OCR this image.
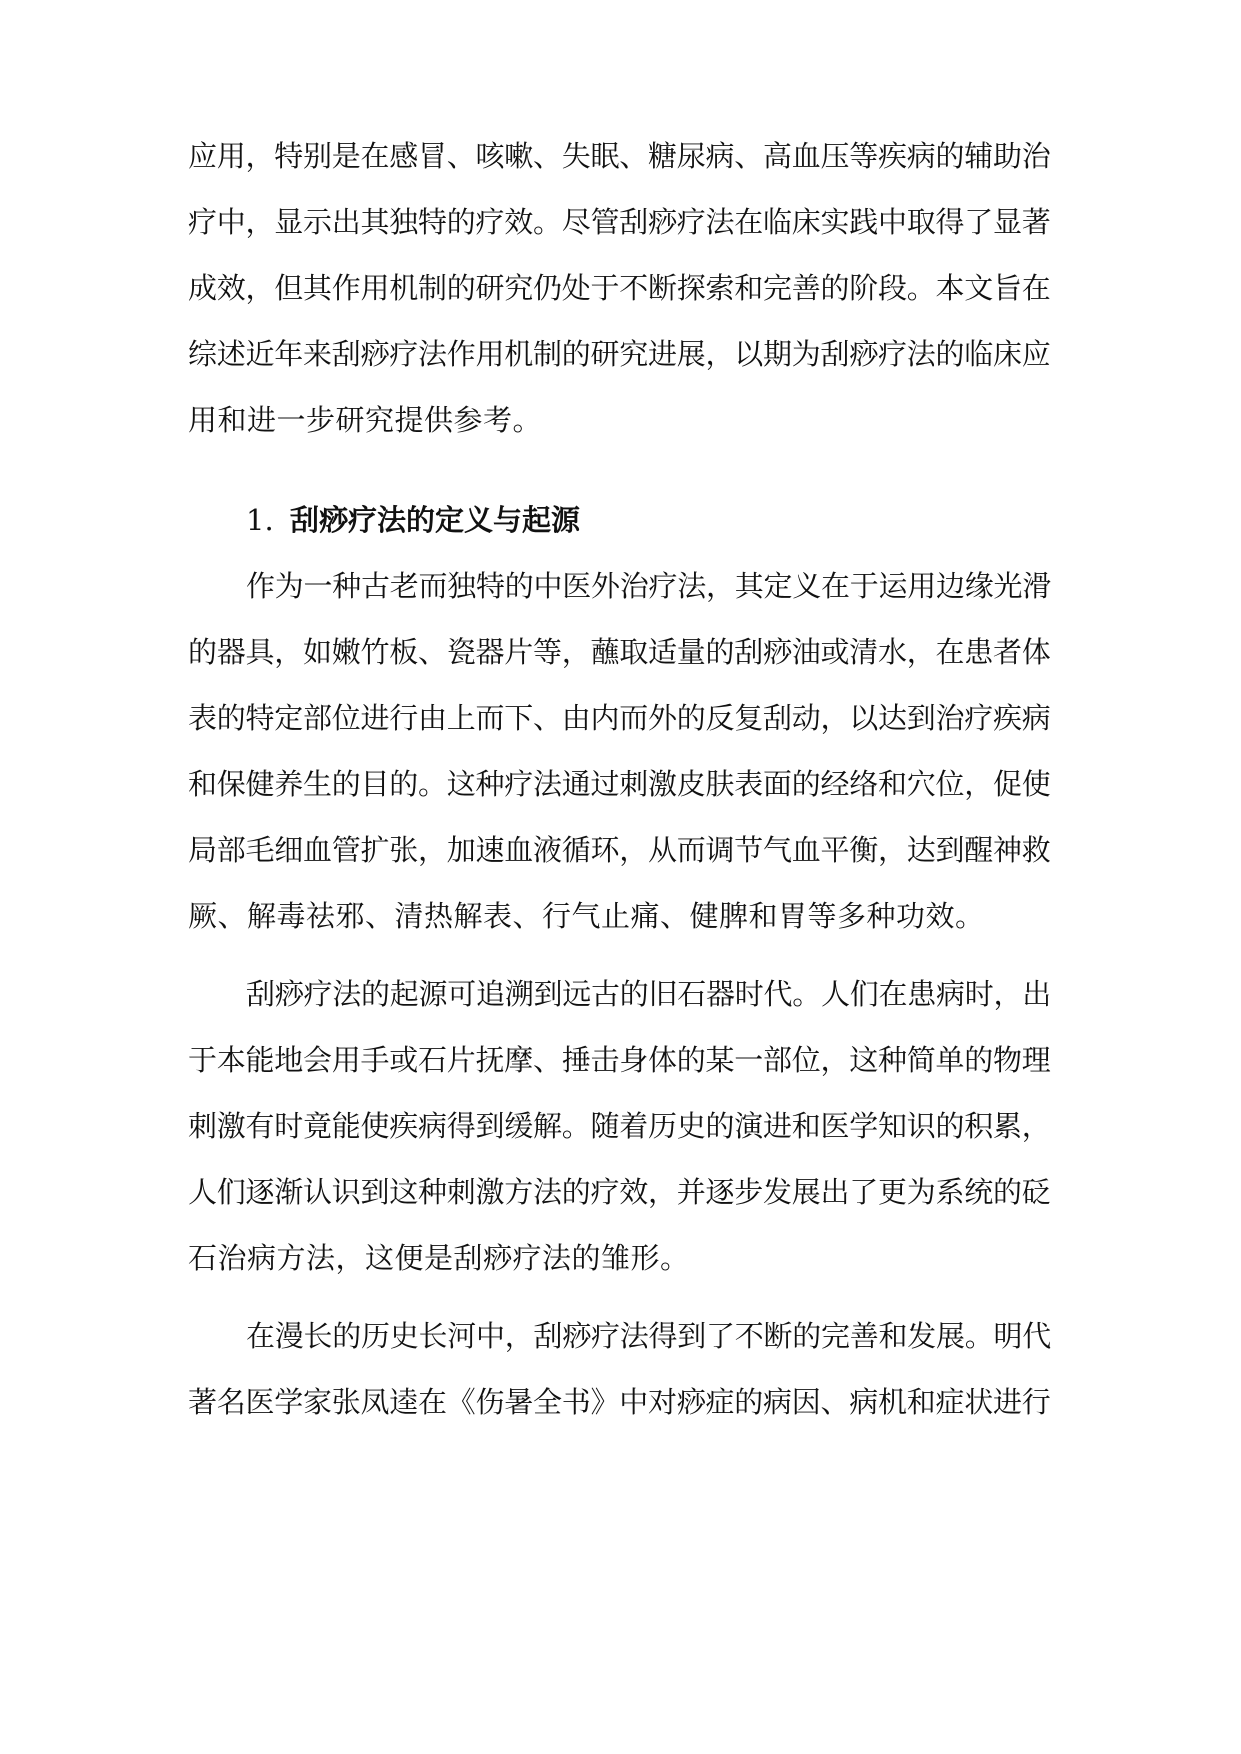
应用，特别是在感冒、咳嗽、失眠、糖尿病、高血压等疾病的辅助治
疗中，显示出其独特的疗效。尽管刮痧疗法在临床实践中取得了显著
成效，但其作用机制的研究仍处于不断探索和完善的阶段。本文旨在
综述近年来刮痧疗法作用机制的研究进展，以期为刮痧疗法的临床应
用和进一步研究提供参考。
1. 刮痧疗法的定义与起源
作为一种古老而独特的中医外治疗法，其定义在于运用边缘光滑
的器具，如嫩竹板、瓷器片等，蘸取适量的刮痧油或清水，在患者体
表的特定部位进行由上而下、由内而外的反复刮动，以达到治疗疾病
和保健养生的目的。这种疗法通过刺激皮肤表面的经络和穴位，促使
局部毛细血管扩张，加速血液循环，从而调节气血平衡，达到醒神救
厥、解毒祛邪、清热解表、行气止痛、健脾和胃等多种功效。
刮痧疗法的起源可追溯到远古的旧石器时代。人们在患病时，出
于本能地会用手或石片抚摩、捶击身体的某一部位，这种简单的物理
刺激有时竟能使疾病得到缓解。随着历史的演进和医学知识的积累，
人们逐渐认识到这种刺激方法的疗效，并逐步发展出了更为系统的砭
石治病方法，这便是刮痧疗法的雏形。
在漫长的历史长河中，刮痧疗法得到了不断的完善和发展。明代
著名医学家张凤逵在《伤暑全书》中对痧症的病因、病机和症状进行
